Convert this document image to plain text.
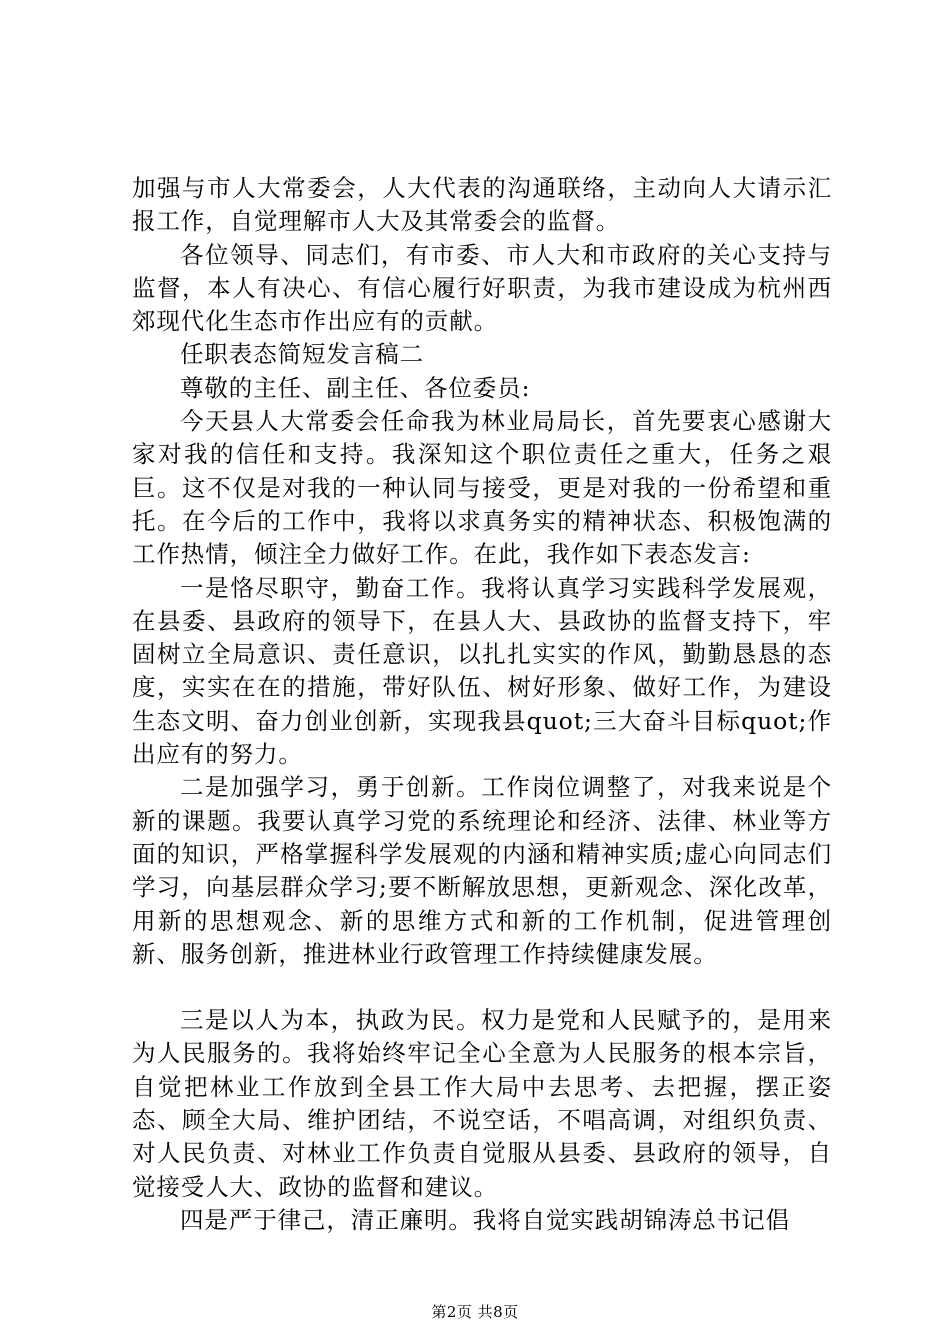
加强与市人大常委会，人大代表的沟通联络，主动向人大请示汇报工作，自觉理解市人大及其常委会的监督。

各位领导、同志们，有市委、市人大和市政府的关心支持与监督，本人有决心、有信心履行好职责，为我市建设成为杭州西郊现代化生态市作出应有的贡献。

任职表态简短发言稿二

尊敬的主任、副主任、各位委员:

今天县人大常委会任命我为林业局局长，首先要衷心感谢大家对我的信任和支持。我深知这个职位责任之重大，任务之艰巨。这不仅是对我的一种认同与接受，更是对我的一份希望和重托。在今后的工作中，我将以求真务实的精神状态、积极饱满的工作热情，倾注全力做好工作。在此，我作如下表态发言:

一是恪尽职守，勤奋工作。我将认真学习实践科学发展观，在县委、县政府的领导下，在县人大、县政协的监督支持下，牢固树立全局意识、责任意识，以扎扎实实的作风，勤勤恳恳的态度，实实在在的措施，带好队伍、树好形象、做好工作，为建设生态文明、奋力创业创新，实现我县quot;三大奋斗目标quot;作出应有的努力。

二是加强学习，勇于创新。工作岗位调整了，对我来说是个新的课题。我要认真学习党的系统理论和经济、法律、林业等方面的知识，严格掌握科学发展观的内涵和精神实质;虚心向同志们学习，向基层群众学习;要不断解放思想，更新观念、深化改革，用新的思想观念、新的思维方式和新的工作机制，促进管理创新、服务创新，推进林业行政管理工作持续健康发展。

三是以人为本，执政为民。权力是党和人民赋予的，是用来为人民服务的。我将始终牢记全心全意为人民服务的根本宗旨，自觉把林业工作放到全县工作大局中去思考、去把握，摆正姿态、顾全大局、维护团结，不说空话，不唱高调，对组织负责、对人民负责、对林业工作负责自觉服从县委、县政府的领导，自觉接受人大、政协的监督和建议。

四是严于律己，清正廉明。我将自觉实践胡锦涛总书记倡

第2页 共8页
